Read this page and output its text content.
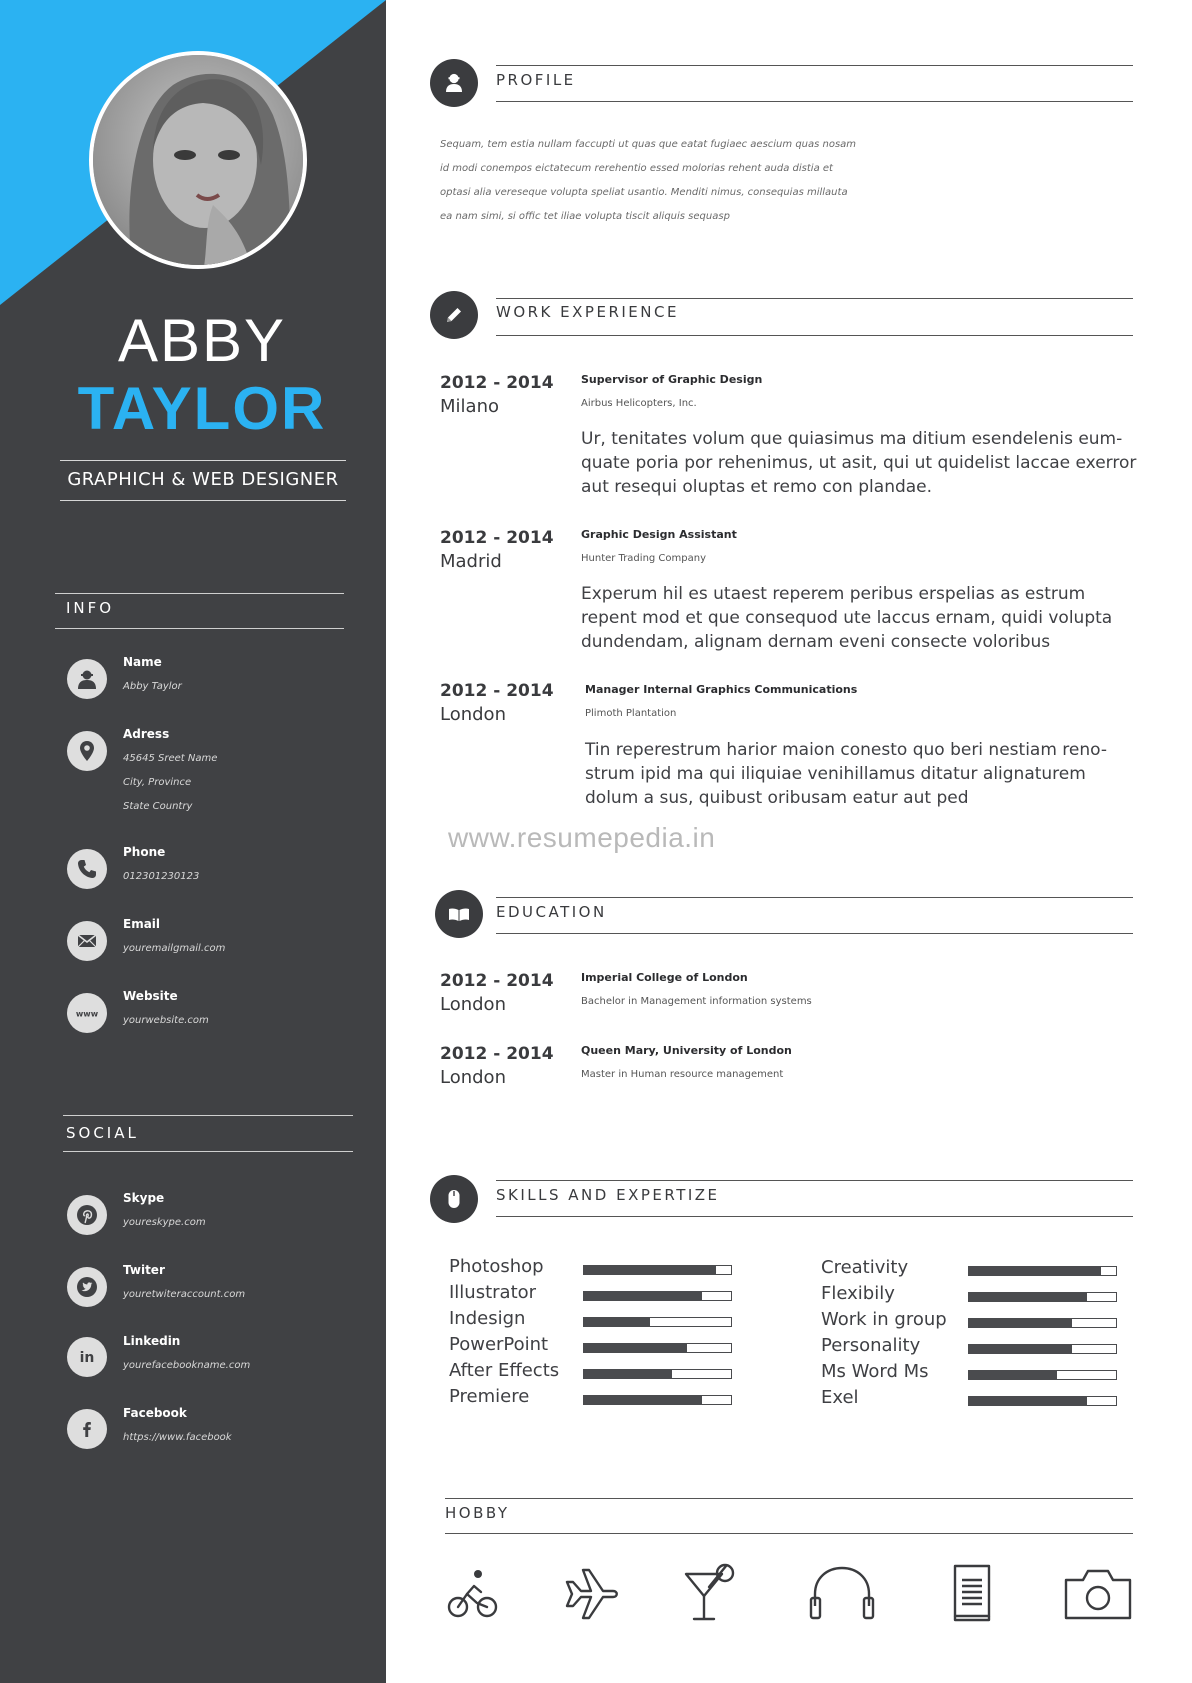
ABBY
TAYLOR
GRAPHICH & WEB DESIGNER
INFO
Name
Abby Taylor
Adress
45645 Sreet Name
City, Province
State Country
Phone
012301230123
Email
youremailgmail.com
www
Website
yourwebsite.com
SOCIAL
Skype
youreskype.com
Twiter
youretwiteraccount.com
in
Linkedin
yourefacebookname.com
Facebook
https://www.facebook
PROFILE
Sequam, tem estia nullam faccupti ut quas que eatat fugiaec aescium quas nosam
id modi conempos eictatecum rerehentio essed molorias rehent auda distia et
optasi alia vereseque volupta speliat usantio. Menditi nimus, consequias millauta
ea nam simi, si offic tet iliae volupta tiscit aliquis sequasp
WORK EXPERIENCE
2012 - 2014
Milano
Supervisor of Graphic Design
Airbus Helicopters, Inc.
Ur, tenitates volum que quiasimus ma ditium esendelenis eum-
quate poria por rehenimus, ut asit, qui ut quidelist laccae exerror
aut resequi oluptas et remo con plandae.
2012 - 2014
Madrid
Graphic Design Assistant
Hunter Trading Company
Experum hil es utaest reperem peribus erspelias as estrum
repent mod et que consequod ute laccus ernam, quidi volupta
dundendam, alignam dernam eveni consecte voloribus
2012 - 2014
London
Manager Internal Graphics Communications
Plimoth Plantation
Tin reperestrum harior maion conesto quo beri nestiam reno-
strum ipid ma qui iliquiae venihillamus ditatur alignaturem
dolum a sus, quibust oribusam eatur aut ped
www.resumepedia.in
EDUCATION
2012 - 2014
London
Imperial College of London
Bachelor in Management information systems
2012 - 2014
London
Queen Mary, University of London
Master in Human resource management
SKILLS AND EXPERTIZE
Photoshop
Illustrator
Indesign
PowerPoint
After Effects
Premiere
Creativity
Flexibily
Work in group
Personality
Ms Word Ms
Exel
HOBBY
